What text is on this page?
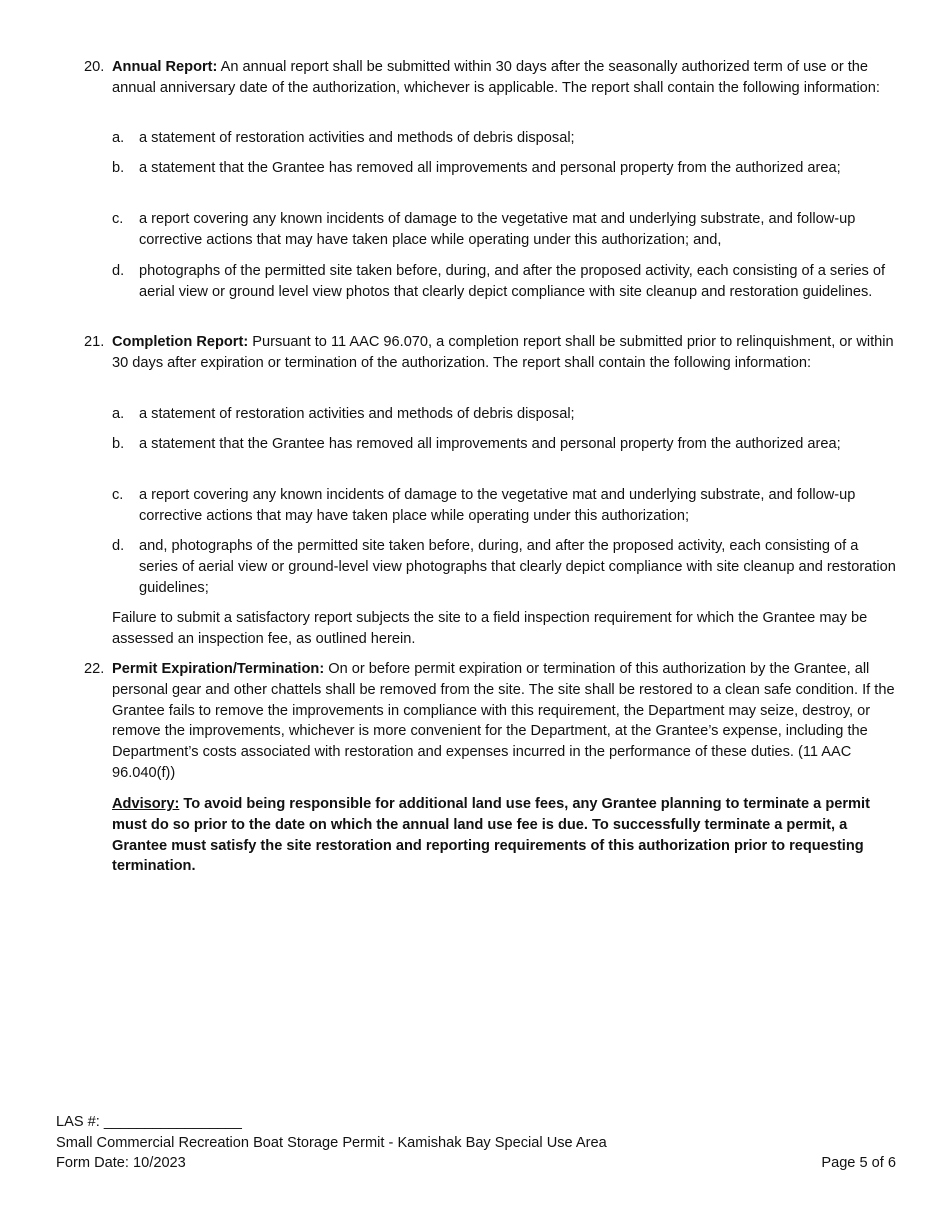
20. Annual Report: An annual report shall be submitted within 30 days after the seasonally authorized term of use or the annual anniversary date of the authorization, whichever is applicable. The report shall contain the following information:
a.	a statement of restoration activities and methods of debris disposal;
b.	a statement that the Grantee has removed all improvements and personal property from the authorized area;
c.	a report covering any known incidents of damage to the vegetative mat and underlying substrate, and follow-up corrective actions that may have taken place while operating under this authorization; and,
d.	photographs of the permitted site taken before, during, and after the proposed activity, each consisting of a series of aerial view or ground level view photos that clearly depict compliance with site cleanup and restoration guidelines.
21. Completion Report: Pursuant to 11 AAC 96.070, a completion report shall be submitted prior to relinquishment, or within 30 days after expiration or termination of the authorization. The report shall contain the following information:
a.	a statement of restoration activities and methods of debris disposal;
b.	a statement that the Grantee has removed all improvements and personal property from the authorized area;
c.	a report covering any known incidents of damage to the vegetative mat and underlying substrate, and follow-up corrective actions that may have taken place while operating under this authorization;
d.	and, photographs of the permitted site taken before, during, and after the proposed activity, each consisting of a series of aerial view or ground-level view photographs that clearly depict compliance with site cleanup and restoration guidelines;
Failure to submit a satisfactory report subjects the site to a field inspection requirement for which the Grantee may be assessed an inspection fee, as outlined herein.
22. Permit Expiration/Termination: On or before permit expiration or termination of this authorization by the Grantee, all personal gear and other chattels shall be removed from the site. The site shall be restored to a clean safe condition. If the Grantee fails to remove the improvements in compliance with this requirement, the Department may seize, destroy, or remove the improvements, whichever is more convenient for the Department, at the Grantee’s expense, including the Department’s costs associated with restoration and expenses incurred in the performance of these duties. (11 AAC 96.040(f))
Advisory: To avoid being responsible for additional land use fees, any Grantee planning to terminate a permit must do so prior to the date on which the annual land use fee is due. To successfully terminate a permit, a Grantee must satisfy the site restoration and reporting requirements of this authorization prior to requesting termination.
LAS #: _________________
Small Commercial Recreation Boat Storage Permit - Kamishak Bay Special Use Area
Form Date: 10/2023	Page 5 of 6
